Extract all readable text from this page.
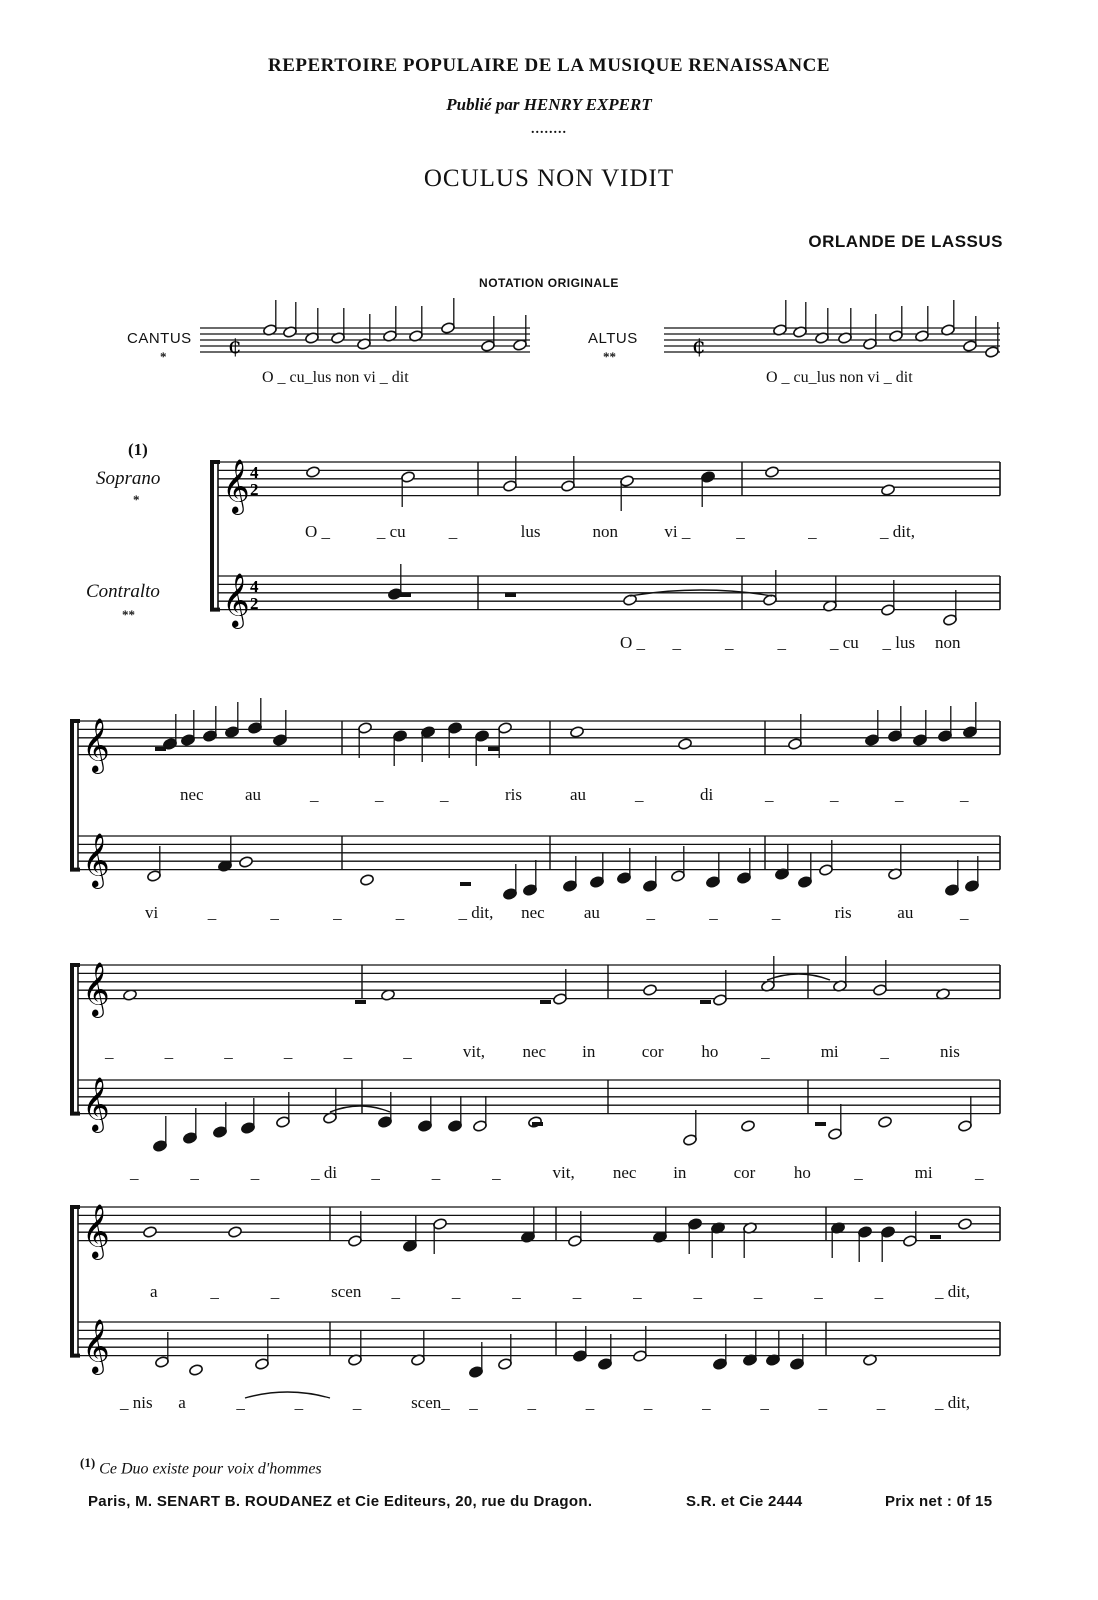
REPERTOIRE POPULAIRE DE LA MUSIQUE RENAISSANCE
Publié par HENRY EXPERT
........
OCULUS NON VIDIT
ORLANDE DE LASSUS
NOTATION ORIGINALE
CANTUS
*
ALTUS
**
O _ cu_lus non vi _ dit	O _ cu_lus non vi _ dit
(1)
Soprano
*
Contralto
**
¢	¢
𝄞
𝄞
4
2
4
2
𝄞
𝄞
𝄞
𝄞
𝄞
𝄞
O _	_ cu	_	lus	non	vi _	_	_	_ dit,
O _ _	_	_	_ cu _ lus non
nec au	_	_	_	ris	au	_	di	_	_	_	_
vi	_	_	_	_	_ dit, nec au	_	_	_	ris	au	_
_	_	_	_	_	_	vit, nec in	cor ho	_	mi _	nis
_	_	_	_ di _	_	_	vit, nec in	cor ho	_	mi _
a	_	_	scen _	_	_	_	_	_	_	_	_	_ dit,
_ nis a	_	_	_	scen_ _	_	_	_	_	_	_	_	_ dit,
$^{(1)}$ Ce Duo existe pour voix d'hommes
Paris, M. SENART B. ROUDANEZ et Cie Editeurs, 20, rue du Dragon.	S.R. et Cie 2444	Prix net : 0f 15
